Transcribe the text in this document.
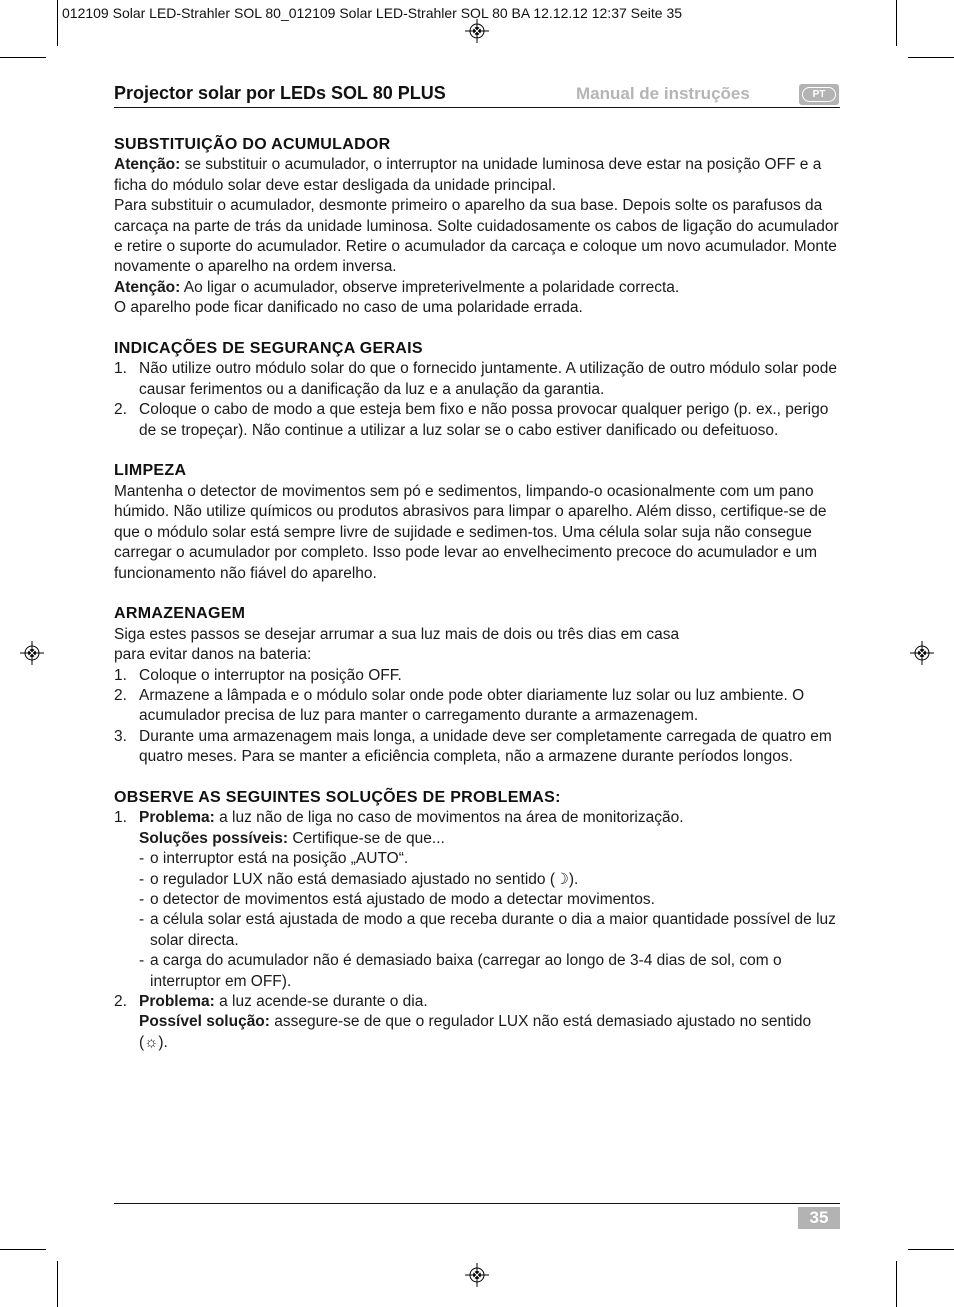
012109 Solar LED-Strahler SOL 80_012109 Solar LED-Strahler SOL 80 BA 12.12.12 12:37 Seite 35
Projector solar por LEDs SOL 80 PLUS	Manual de instruções	PT
SUBSTITUIÇÃO DO ACUMULADOR

Atenção: se substituir o acumulador, o interruptor na unidade luminosa deve estar na posição OFF e a ficha do módulo solar deve estar desligada da unidade principal.

Para substituir o acumulador, desmonte primeiro o aparelho da sua base. Depois solte os parafusos da carcaça na parte de trás da unidade luminosa. Solte cuidadosamente os cabos de ligação do acumulador e retire o suporte do acumulador. Retire o acumulador da carcaça e coloque um novo acumulador. Monte novamente o aparelho na ordem inversa.

Atenção: Ao ligar o acumulador, observe impreterivelmente a polaridade correcta.

O aparelho pode ficar danificado no caso de uma polaridade errada.

INDICAÇÕES DE SEGURANÇA GERAIS
1. Não utilize outro módulo solar do que o fornecido juntamente. A utilização de outro módulo solar pode causar ferimentos ou a danificação da luz e a anulação da garantia.
2. Coloque o cabo de modo a que esteja bem fixo e não possa provocar qualquer perigo (p. ex., perigo de se tropeçar). Não continue a utilizar a luz solar se o cabo estiver danificado ou defeituoso.
LIMPEZA

Mantenha o detector de movimentos sem pó e sedimentos, limpando-o ocasionalmente com um pano húmido. Não utilize químicos ou produtos abrasivos para limpar o aparelho. Além disso, certifique-se de que o módulo solar está sempre livre de sujidade e sedimen-tos. Uma célula solar suja não consegue carregar o acumulador por completo. Isso pode levar ao envelhecimento precoce do acumulador e um funcionamento não fiável do aparelho.

ARMAZENAGEM

Siga estes passos se desejar arrumar a sua luz mais de dois ou três dias em casa

para evitar danos na bateria:

1. Coloque o interruptor na posição OFF.
2. Armazene a lâmpada e o módulo solar onde pode obter diariamente luz solar ou luz ambiente. O acumulador precisa de luz para manter o carregamento durante a armazenagem.
3. Durante uma armazenagem mais longa, a unidade deve ser completamente carregada de quatro em quatro meses. Para se manter a eficiência completa, não a armazene durante períodos longos.
OBSERVE AS SEGUINTES SOLUÇÕES DE PROBLEMAS:
1. Problema: a luz não de liga no caso de movimentos na área de monitorização.
Soluções possíveis: Certifique-se de que...
- o interruptor está na posição „AUTO“.
- o regulador LUX não está demasiado ajustado no sentido (☽).
- o detector de movimentos está ajustado de modo a detectar movimentos.
- a célula solar está ajustada de modo a que receba durante o dia a maior quantidade possível de luz solar directa.
- a carga do acumulador não é demasiado baixa (carregar ao longo de 3-4 dias de sol, com o interruptor em OFF).
2. Problema: a luz acende-se durante o dia.
Possível solução: assegure-se de que o regulador LUX não está demasiado ajustado no sentido (☼).
35
